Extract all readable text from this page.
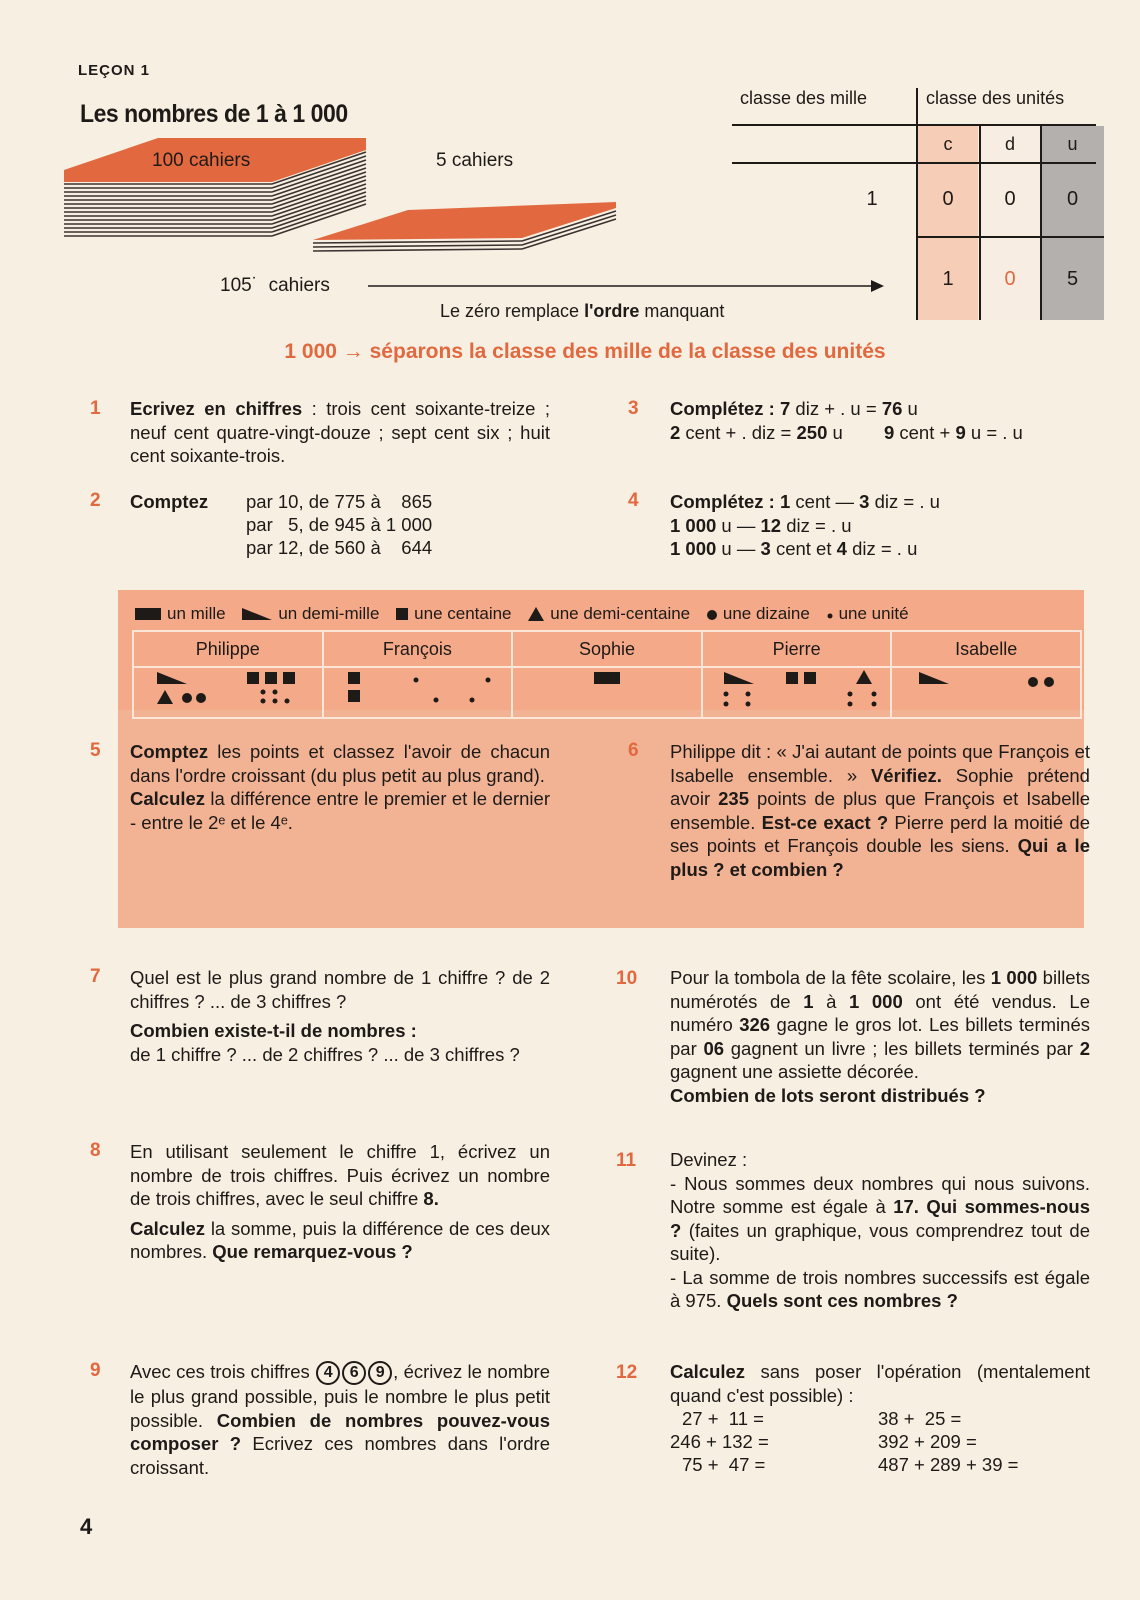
LEÇON 1
Les nombres de 1 à 1 000
100 cahiers	5 cahiers
105˙  cahiers
Le zéro remplace l'ordre manquant
classe des mille	classe des unités
c	d	u
1	0	0	0
1	0	5
1 000 → séparons la classe des mille de la classe des unités
1	Ecrivez en chiffres : trois cent soixante-treize ; neuf cent quatre-vingt-douze ; sept cent six ; huit cent soixante-trois.
2	Comptez par 10, de 775 à    865
par   5, de 945 à 1 000
par 12, de 560 à    644
3	Complétez : 7 diz + . u = 76 u
2 cent + . diz = 250 u 9 cent + 9 u = . u
4	Complétez : 1 cent — 3 diz = . u
1 000 u — 12 diz = . u
1 000 u — 3 cent et 4 diz = . u
un mille
	un demi-mille
une centaine
une demi-centaine
une dizaine
une unité
Philippe	François	Sophie	Pierre	Isabelle

5	Comptez les points et classez l'avoir de chacun dans l'ordre croissant (du plus petit au plus grand).
Calculez la différence entre le premier et le dernier - entre le 2ᵉ et le 4ᵉ.
6	Philippe dit : « J'ai autant de points que François et Isabelle ensemble. » Vérifiez. Sophie prétend avoir 235 points de plus que François et Isabelle ensemble. Est-ce exact ? Pierre perd la moitié de ses points et François double les siens. Qui a le plus ? et combien ?
7	Quel est le plus grand nombre de 1 chiffre ? de 2 chiffres ? ... de 3 chiffres ?
Combien existe-t-il de nombres :
de 1 chiffre ? ... de 2 chiffres ? ... de 3 chiffres ?
8	En utilisant seulement le chiffre 1, écrivez un nombre de trois chiffres. Puis écrivez un nombre de trois chiffres, avec le seul chiffre 8.
Calculez la somme, puis la différence de ces deux nombres. Que remarquez-vous ?
9	Avec ces trois chiffres 4 6 9 , écrivez le nombre le plus grand possible, puis le nombre le plus petit possible. Combien de nombres pouvez-vous composer ? Ecrivez ces nombres dans l'ordre croissant.
10	Pour la tombola de la fête scolaire, les 1 000 billets numérotés de 1 à 1 000 ont été vendus. Le numéro 326 gagne le gros lot. Les billets terminés par 06 gagnent un livre ; les billets terminés par 2 gagnent une assiette décorée.
Combien de lots seront distribués ?
11	Devinez :
- Nous sommes deux nombres qui nous suivons. Notre somme est égale à 17. Qui sommes-nous ? (faites un graphique, vous comprendrez tout de suite).
- La somme de trois nombres successifs est égale à 975. Quels sont ces nombres ?
12	Calculez sans poser l'opération (mentalement quand c'est possible) :
27 +  11 =	38 +  25 =
246 + 132 =	392 + 209 =
75 +  47 =	487 + 289 + 39 =
4
